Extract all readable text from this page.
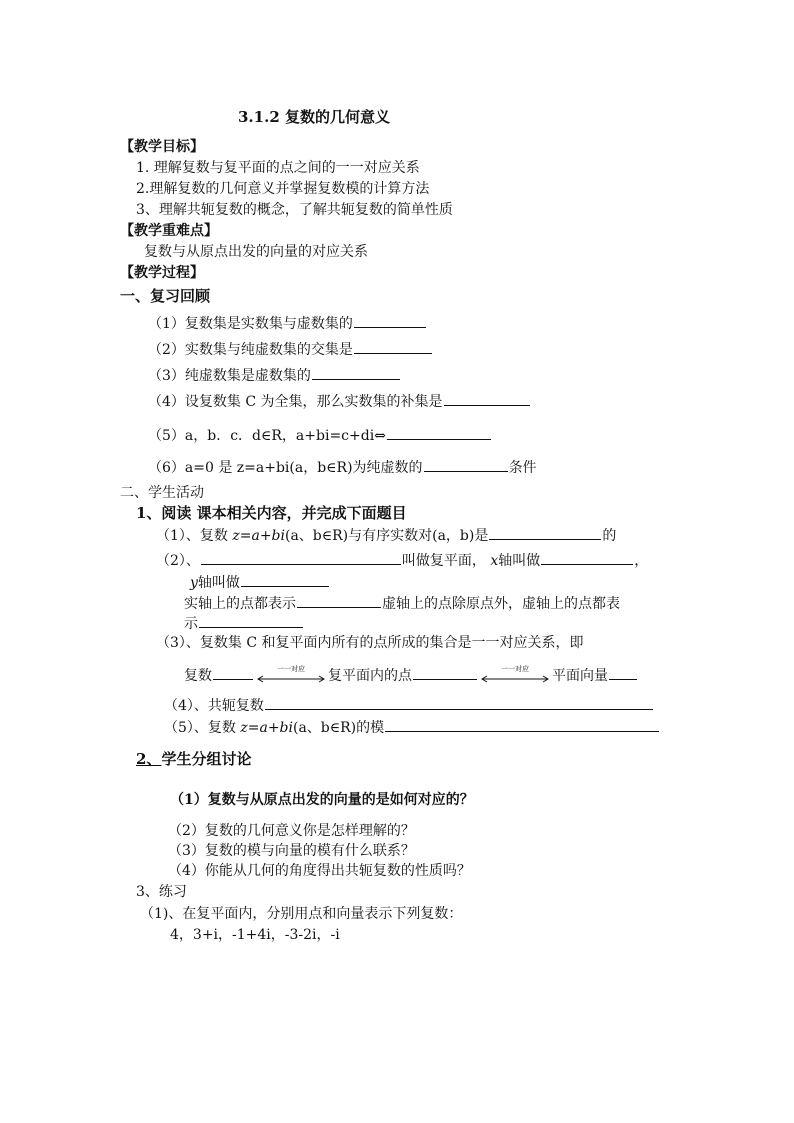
3.1.2 复数的几何意义
【教学目标】
1. 理解复数与复平面的点之间的一一对应关系
2.理解复数的几何意义并掌握复数模的计算方法
3、理解共轭复数的概念，了解共轭复数的简单性质
【教学重难点】
复数与从原点出发的向量的对应关系
【教学过程】
一、复习回顾
（1）复数集是实数集与虚数集的
（2）实数集与纯虚数集的交集是
（3）纯虚数集是虚数集的
（4）设复数集 C 为全集，那么实数集的补集是
（5）a，b．c．d∈R，a+bi=c+di⇔
（6）a=0 是 z=a+bi(a，b∈R)为纯虚数的	条件
二、学生活动
1、阅读 课本相关内容，并完成下面题目
（1）、复数 z=a+bi(a、b∈R)与有序实数对(a，b)是	的
（2）、	叫做复平面， x轴叫做	，
y轴叫做
实轴上的点都表示	虚轴上的点除原点外，虚轴上的点都表
示
（3）、复数集 C 和复平面内所有的点所成的集合是一一对应关系，即
复数	一一对应	复平面内的点	一一对应	平面向量
（4）、共轭复数
（5）、复数 z=a+bi(a、b∈R)的模
2、学生分组讨论
（1）复数与从原点出发的向量的是如何对应的？
（2）复数的几何意义你是怎样理解的？
（3）复数的模与向量的模有什么联系？
（4）你能从几何的角度得出共轭复数的性质吗？
3、练习
（1)、在复平面内，分别用点和向量表示下列复数：
4，3+i，-1+4i，-3-2i，-i
